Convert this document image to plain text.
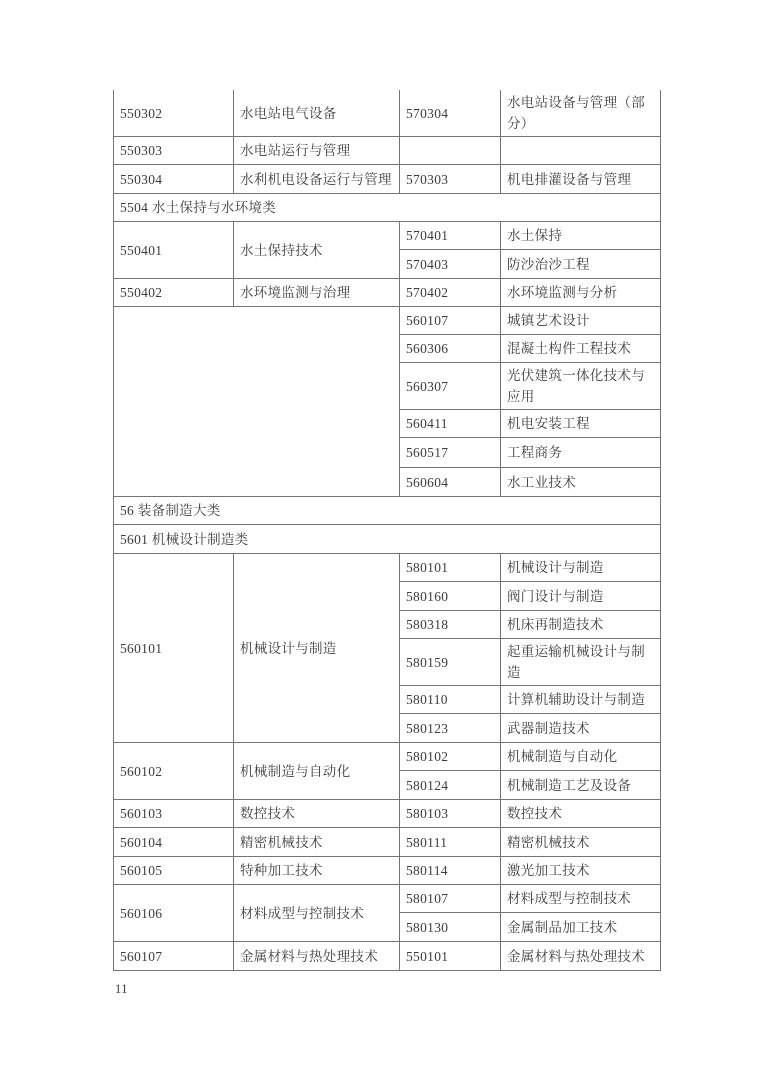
550302	水电站电气设备	570304	水电站设备与管理（部分）
550303	水电站运行与管理		
550304	水利机电设备运行与管理	570303	机电排灌设备与管理
5504 水土保持与水环境类			
550401	水土保持技术	570401	水土保持
		570403	防沙治沙工程
550402	水环境监测与治理	570402	水环境监测与分析
		560107	城镇艺术设计
		560306	混凝土构件工程技术
		560307	光伏建筑一体化技术与应用
		560411	机电安装工程
		560517	工程商务
		560604	水工业技术
56 装备制造大类			
5601 机械设计制造类			
560101	机械设计与制造	580101	机械设计与制造
		580160	阀门设计与制造
		580318	机床再制造技术
		580159	起重运输机械设计与制造
		580110	计算机辅助设计与制造
		580123	武器制造技术
560102	机械制造与自动化	580102	机械制造与自动化
		580124	机械制造工艺及设备
560103	数控技术	580103	数控技术
560104	精密机械技术	580111	精密机械技术
560105	特种加工技术	580114	激光加工技术
560106	材料成型与控制技术	580107	材料成型与控制技术
		580130	金属制品加工技术
560107	金属材料与热处理技术	550101	金属材料与热处理技术
11
